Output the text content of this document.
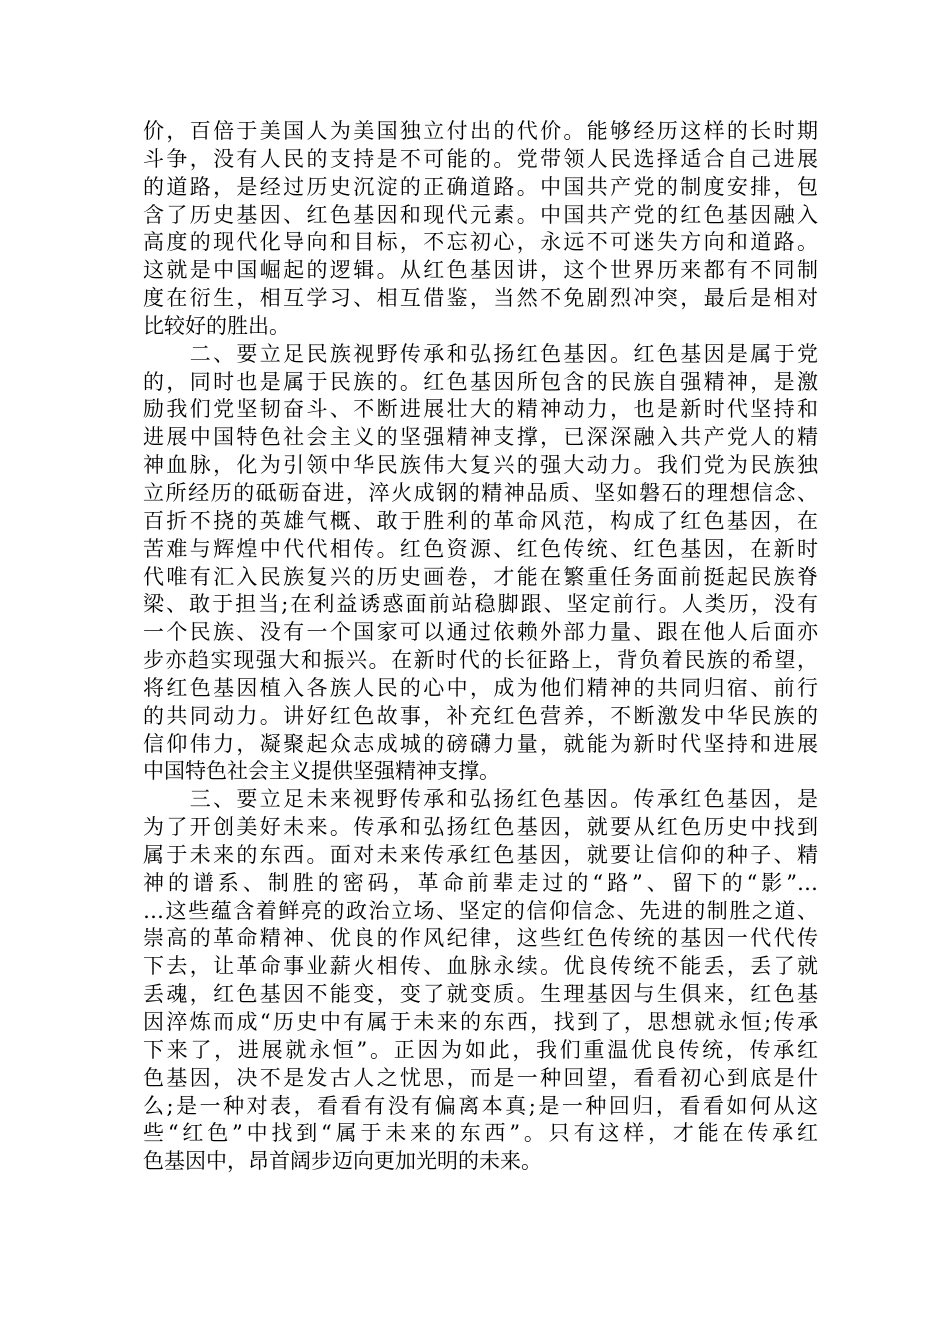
价，百倍于美国人为美国独立付出的代价。能够经历这样的长时期
斗争，没有人民的支持是不可能的。党带领人民选择适合自己进展
的道路，是经过历史沉淀的正确道路。中国共产党的制度安排，包
含了历史基因、红色基因和现代元素。中国共产党的红色基因融入
高度的现代化导向和目标，不忘初心，永远不可迷失方向和道路。
这就是中国崛起的逻辑。从红色基因讲，这个世界历来都有不同制
度在衍生，相互学习、相互借鉴，当然不免剧烈冲突，最后是相对
比较好的胜出。
　　二、要立足民族视野传承和弘扬红色基因。红色基因是属于党
的，同时也是属于民族的。红色基因所包含的民族自强精神，是激
励我们党坚韧奋斗、不断进展壮大的精神动力，也是新时代坚持和
进展中国特色社会主义的坚强精神支撑，已深深融入共产党人的精
神血脉，化为引领中华民族伟大复兴的强大动力。我们党为民族独
立所经历的砥砺奋进，淬火成钢的精神品质、坚如磐石的理想信念、
百折不挠的英雄气概、敢于胜利的革命风范，构成了红色基因，在
苦难与辉煌中代代相传。红色资源、红色传统、红色基因，在新时
代唯有汇入民族复兴的历史画卷，才能在繁重任务面前挺起民族脊
梁、敢于担当;在利益诱惑面前站稳脚跟、坚定前行。人类历，没有
一个民族、没有一个国家可以通过依赖外部力量、跟在他人后面亦
步亦趋实现强大和振兴。在新时代的长征路上，背负着民族的希望，
将红色基因植入各族人民的心中，成为他们精神的共同归宿、前行
的共同动力。讲好红色故事，补充红色营养，不断激发中华民族的
信仰伟力，凝聚起众志成城的磅礴力量，就能为新时代坚持和进展
中国特色社会主义提供坚强精神支撑。
　　三、要立足未来视野传承和弘扬红色基因。传承红色基因，是
为了开创美好未来。传承和弘扬红色基因，就要从红色历史中找到
属于未来的东西。面对未来传承红色基因，就要让信仰的种子、精
神的谱系、制胜的密码，革命前辈走过的“路”、留下的“影”…
…这些蕴含着鲜亮的政治立场、坚定的信仰信念、先进的制胜之道、
崇高的革命精神、优良的作风纪律，这些红色传统的基因一代代传
下去，让革命事业薪火相传、血脉永续。优良传统不能丢，丢了就
丢魂，红色基因不能变，变了就变质。生理基因与生俱来，红色基
因淬炼而成“历史中有属于未来的东西，找到了，思想就永恒;传承
下来了，进展就永恒”。正因为如此，我们重温优良传统，传承红
色基因，决不是发古人之忧思，而是一种回望，看看初心到底是什
么;是一种对表，看看有没有偏离本真;是一种回归，看看如何从这
些“红色”中找到“属于未来的东西”。只有这样，才能在传承红
色基因中，昂首阔步迈向更加光明的未来。
